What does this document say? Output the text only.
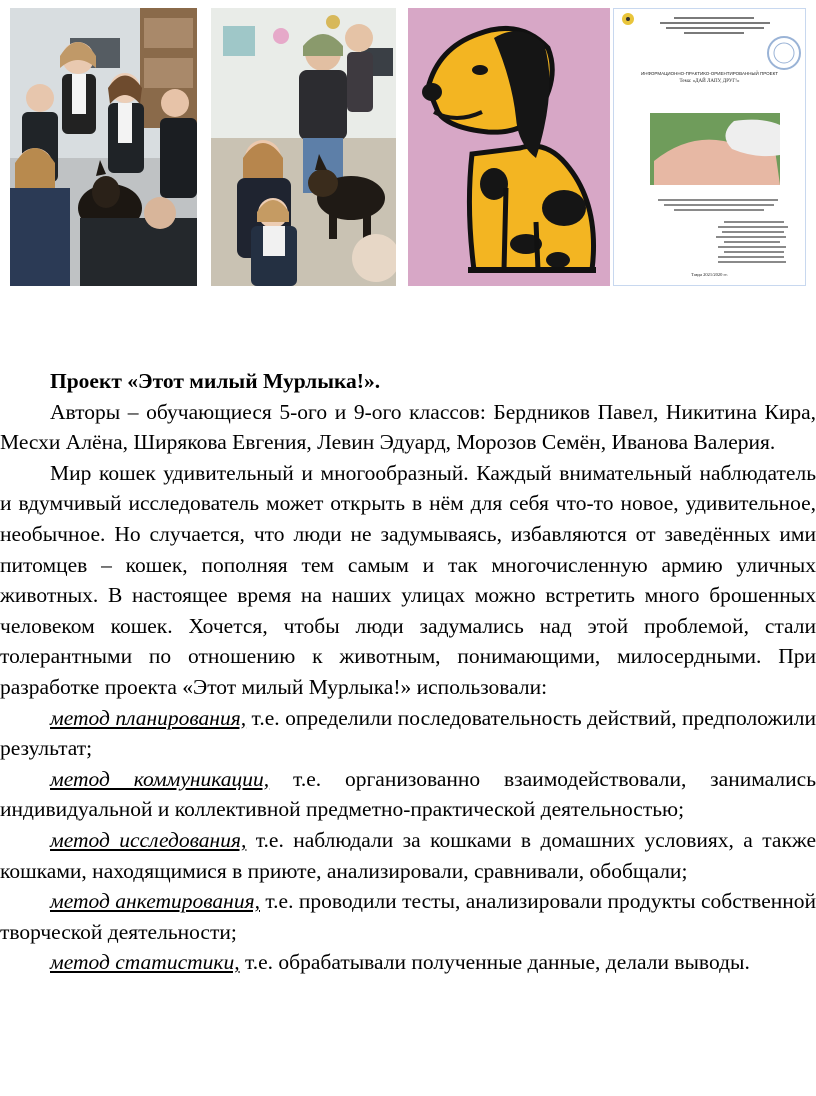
ИНФОРМАЦИОННО-ПРАКТИКО-ОРИЕНТИРОВАННЫЙ ПРОЕКТ
Тема: «ДАЙ ЛАПУ, ДРУГ!»
Тавда 2021/2020 гг.

Проект «Этот милый Мурлыка!».

Авторы – обучающиеся 5-ого и 9-ого классов: Бердников Павел, Никитина Кира, Месхи Алёна, Ширякова Евгения, Левин Эдуард, Морозов Семён, Иванова Валерия.

Мир кошек удивительный и многообразный. Каждый внимательный наблюдатель и вдумчивый исследователь может открыть в нём для себя что-то новое, удивительное, необычное. Но случается, что люди не задумываясь, избавляются от заведённых ими питомцев – кошек, пополняя тем самым и так многочисленную армию уличных животных. В настоящее время на наших улицах можно встретить много брошенных человеком кошек. Хочется, чтобы люди задумались над этой проблемой, стали толерантными по отношению к животным, понимающими, милосердными. При разработке проекта «Этот милый Мурлыка!» использовали:

метод планирования, т.е. определили последовательность действий, предположили результат;

метод коммуникации, т.е. организованно взаимодействовали, занимались индивидуальной и коллективной предметно-практической деятельностью;

метод исследования, т.е. наблюдали за кошками в домашних условиях, а также кошками, находящимися в приюте, анализировали, сравнивали, обобщали;

метод анкетирования, т.е. проводили тесты, анализировали продукты собственной творческой деятельности;

метод статистики, т.е. обрабатывали полученные данные, делали выводы.
